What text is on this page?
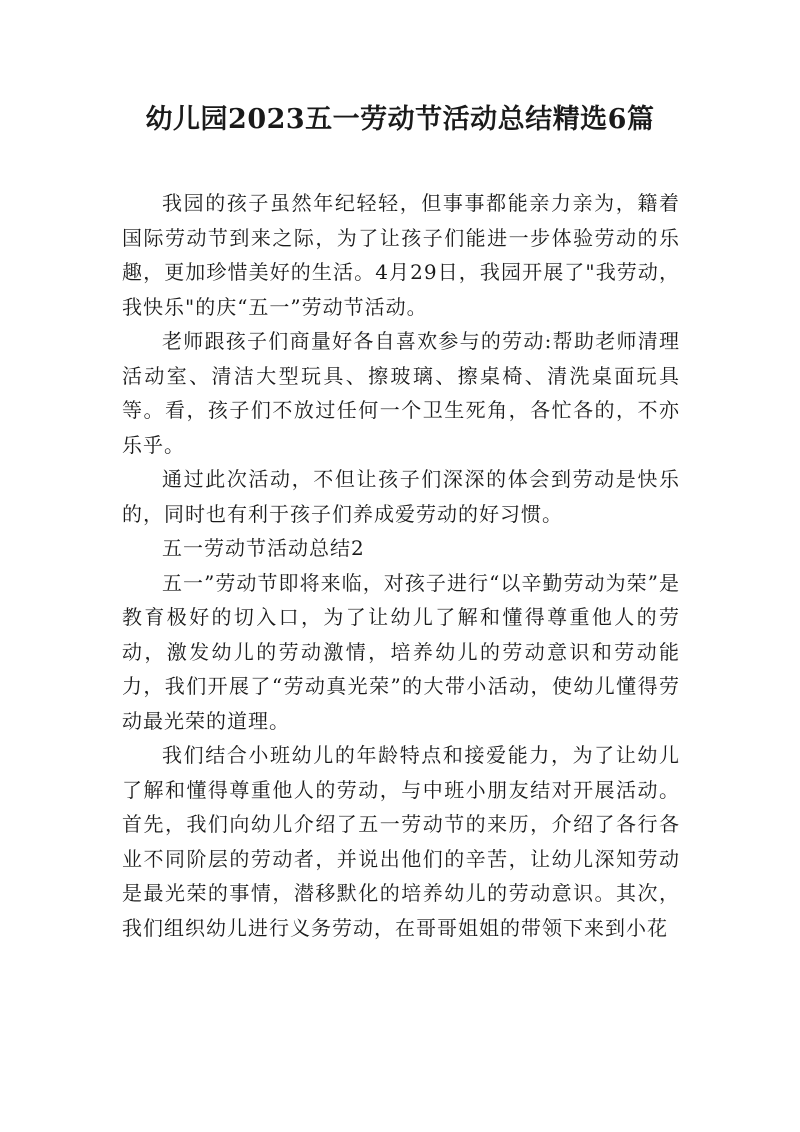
幼儿园2023五一劳动节活动总结精选6篇

我园的孩子虽然年纪轻轻，但事事都能亲力亲为，籍着国际劳动节到来之际，为了让孩子们能进一步体验劳动的乐趣，更加珍惜美好的生活。4月29日，我园开展了"我劳动，我快乐"的庆“五一”劳动节活动。

老师跟孩子们商量好各自喜欢参与的劳动:帮助老师清理活动室、清洁大型玩具、擦玻璃、擦桌椅、清洗桌面玩具等。看，孩子们不放过任何一个卫生死角，各忙各的，不亦乐乎。

通过此次活动，不但让孩子们深深的体会到劳动是快乐的，同时也有利于孩子们养成爱劳动的好习惯。

五一劳动节活动总结2

五一”劳动节即将来临，对孩子进行“以辛勤劳动为荣”是教育极好的切入口，为了让幼儿了解和懂得尊重他人的劳动，激发幼儿的劳动激情，培养幼儿的劳动意识和劳动能力，我们开展了“劳动真光荣”的大带小活动，使幼儿懂得劳动最光荣的道理。

我们结合小班幼儿的年龄特点和接爱能力，为了让幼儿了解和懂得尊重他人的劳动，与中班小朋友结对开展活动。首先，我们向幼儿介绍了五一劳动节的来历，介绍了各行各业不同阶层的劳动者，并说出他们的辛苦，让幼儿深知劳动是最光荣的事情，潜移默化的培养幼儿的劳动意识。其次，我们组织幼儿进行义务劳动，在哥哥姐姐的带领下来到小花
